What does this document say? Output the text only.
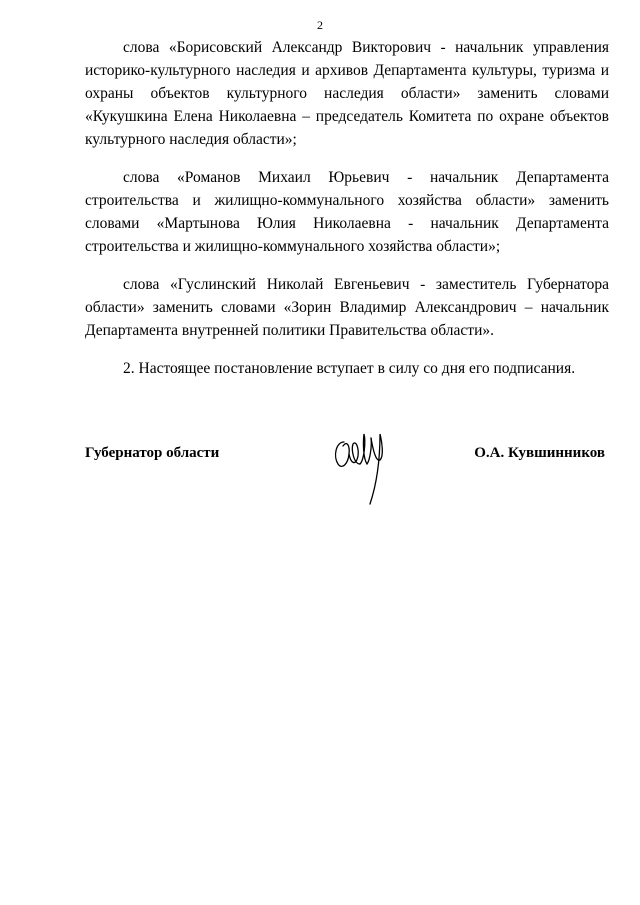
2

слова «Борисовский Александр Викторович - начальник управления историко-культурного наследия и архивов Департамента культуры, туризма и охраны объектов культурного наследия области» заменить словами «Кукушкина Елена Николаевна – председатель Комитета по охране объектов культурного наследия области»;

слова «Романов Михаил Юрьевич - начальник Департамента строительства и жилищно-коммунального хозяйства области» заменить словами «Мартынова Юлия Николаевна - начальник Департамента строительства и жилищно-коммунального хозяйства области»;

слова «Гуслинский Николай Евгеньевич - заместитель Губернатора области» заменить словами «Зорин Владимир Александрович – начальник Департамента внутренней политики Правительства области».

2. Настоящее постановление вступает в силу со дня его подписания.

Губернатор области	О.А. Кувшинников
